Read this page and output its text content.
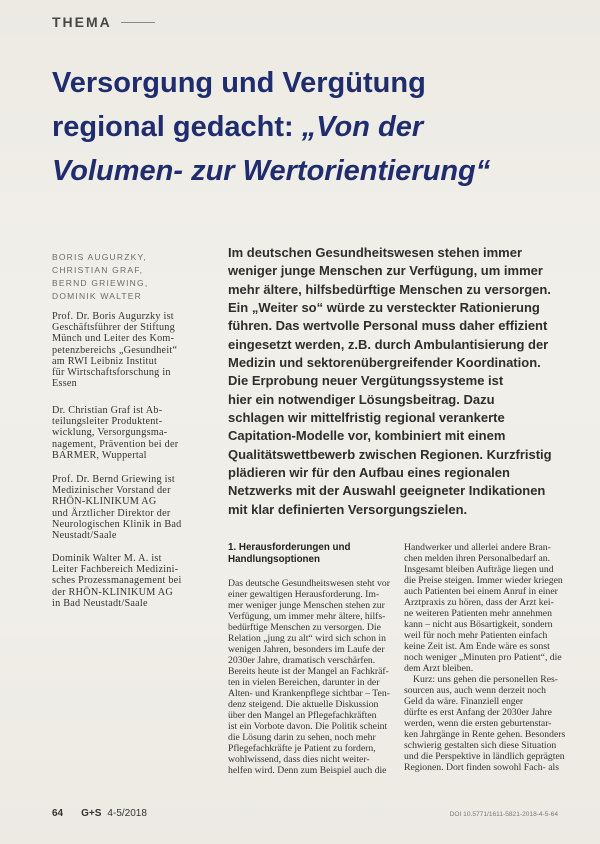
THEMA
Versorgung und Vergütung
regional gedacht: „Von der
Volumen- zur Wertorientierung“
BORIS AUGURZKY,
CHRISTIAN GRAF,
BERND GRIEWING,
DOMINIK WALTER
Prof. Dr. Boris Augurzky ist
Geschäftsführer der Stiftung
Münch und Leiter des Kom-
petenzbereichs „Gesundheit“
am RWI Leibniz Institut
für Wirtschaftsforschung in
Essen
Dr. Christian Graf ist Ab-
teilungsleiter Produktent-
wicklung, Versorgungsma-
nagement, Prävention bei der
BARMER, Wuppertal
Prof. Dr. Bernd Griewing ist
Medizinischer Vorstand der
RHÖN-KLINIKUM AG
und Ärztlicher Direktor der
Neurologischen Klinik in Bad
Neustadt/Saale
Dominik Walter M. A. ist
Leiter Fachbereich Medizini-
sches Prozessmanagement bei
der RHÖN-KLINIKUM AG
in Bad Neustadt/Saale
Im deutschen Gesundheitswesen stehen immer
weniger junge Menschen zur Verfügung, um immer
mehr ältere, hilfsbedürftige Menschen zu versorgen.
Ein „Weiter so“ würde zu versteckter Rationierung
führen. Das wertvolle Personal muss daher effizient
eingesetzt werden, z.B. durch Ambulantisierung der
Medizin und sektorenübergreifender Koordination.
Die Erprobung neuer Vergütungssysteme ist
hier ein notwendiger Lösungsbeitrag. Dazu
schlagen wir mittelfristig regional verankerte
Capitation-Modelle vor, kombiniert mit einem
Qualitätswettbewerb zwischen Regionen. Kurzfristig
plädieren wir für den Aufbau eines regionalen
Netzwerks mit der Auswahl geeigneter Indikationen
mit klar definierten Versorgungszielen.
1. Herausforderungen und
Handlungsoptionen
Das deutsche Gesundheitswesen steht vor
einer gewaltigen Herausforderung. Im-
mer weniger junge Menschen stehen zur
Verfügung, um immer mehr ältere, hilfs-
bedürftige Menschen zu versorgen. Die
Relation „jung zu alt“ wird sich schon in
wenigen Jahren, besonders im Laufe der
2030er Jahre, dramatisch verschärfen.
Bereits heute ist der Mangel an Fachkräf-
ten in vielen Bereichen, darunter in der
Alten- und Krankenpflege sichtbar – Ten-
denz steigend. Die aktuelle Diskussion
über den Mangel an Pflegefachkräften
ist ein Vorbote davon. Die Politik scheint
die Lösung darin zu sehen, noch mehr
Pflegefachkräfte je Patient zu fordern,
wohlwissend, dass dies nicht weiter-
helfen wird. Denn zum Beispiel auch die
Handwerker und allerlei andere Bran-
chen melden ihren Personalbedarf an.
Insgesamt bleiben Aufträge liegen und
die Preise steigen. Immer wieder kriegen
auch Patienten bei einem Anruf in einer
Arztpraxis zu hören, dass der Arzt kei-
ne weiteren Patienten mehr annehmen
kann – nicht aus Bösartigkeit, sondern
weil für noch mehr Patienten einfach
keine Zeit ist. Am Ende wäre es sonst
noch weniger „Minuten pro Patient“, die
dem Arzt bleiben.
Kurz: uns gehen die personellen Res-
sourcen aus, auch wenn derzeit noch
Geld da wäre. Finanziell enger
dürfte es erst Anfang der 2030er Jahre
werden, wenn die ersten geburtenstar-
ken Jahrgänge in Rente gehen. Besonders
schwierig gestalten sich diese Situation
und die Perspektive in ländlich geprägten
Regionen. Dort finden sowohl Fach- als
64 G+S 4-5/2018	DOI 10.5771/1611-5821-2018-4-5-64
